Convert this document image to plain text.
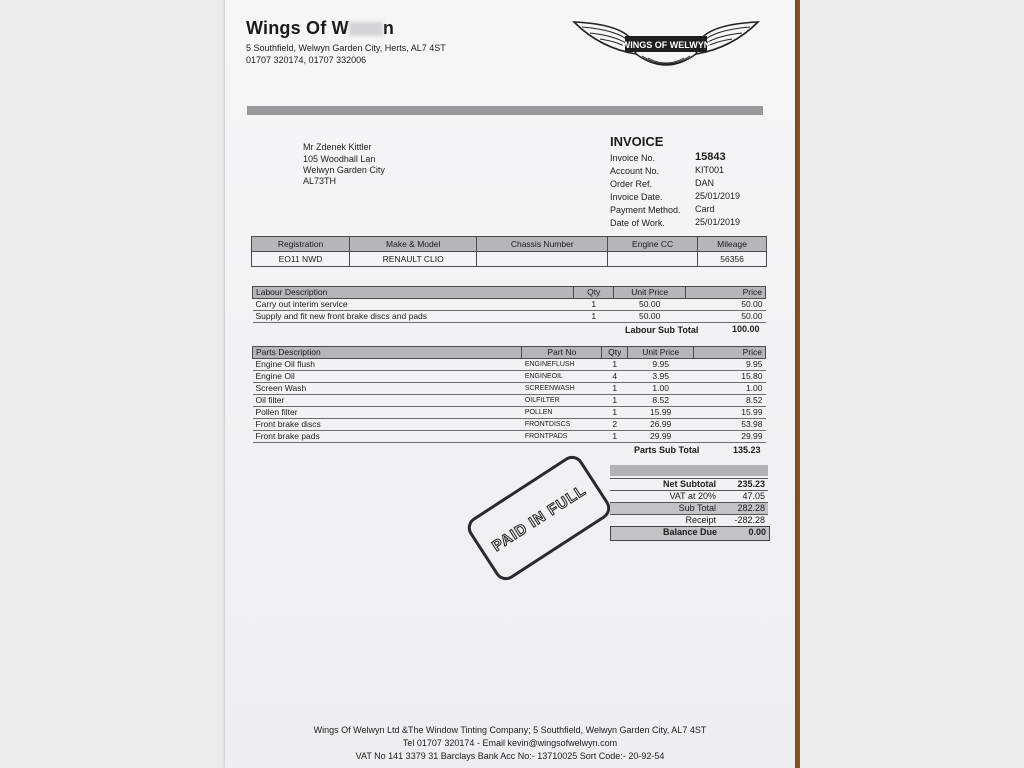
Wings Of W n
5 Southfield, Welwyn Garden City, Herts, AL7 4ST
01707 320174, 01707 332006
WINGS OF WELWYN
Mr Zdenek Kittler
105 Woodhall Lan
Welwyn Garden City
AL73TH
INVOICE
Invoice No.	15843
Account No.	KIT001
Order Ref.	DAN
Invoice Date.	25/01/2019
Payment Method. Card
Date of Work.	25/01/2019
Registration	Make & Model	Chassis Number	Engine CC	Mileage
EO11 NWD	RENAULT CLIO			56356
Labour Description	Qty	Unit Price	Price
Carry out interim service	1	50.00	50.00
Supply and fit new front brake discs and pads	1	50.00	50.00
Labour Sub Total	100.00
Parts Description	Part No	Qty	Unit Price	Price
Engine Oil flush	ENGINEFLUSH	1	9.95	9.95
Engine Oil	ENGINEOIL	4	3.95	15.80
Screen Wash	SCREENWASH	1	1.00	1.00
Oil filter	OILFILTER	1	8.52	8.52
Pollen filter	POLLEN	1	15.99	15.99
Front brake discs	FRONTDISCS	2	26.99	53.98
Front brake pads	FRONTPADS	1	29.99	29.99
Parts Sub Total	135.23
PAID IN FULL	Net Subtotal 235.23
VAT at 20%	47.05
Sub Total 282.28
Receipt -282.28
Balance Due	0.00
Wings Of Welwyn Ltd &The Window Tinting Company; 5 Southfield, Welwyn Garden City, AL7 4ST
Tel 01707 320174 - Email kevin@wingsofwelwyn.com
VAT No 141 3379 31 Barclays Bank Acc No:- 13710025 Sort Code:- 20-92-54
